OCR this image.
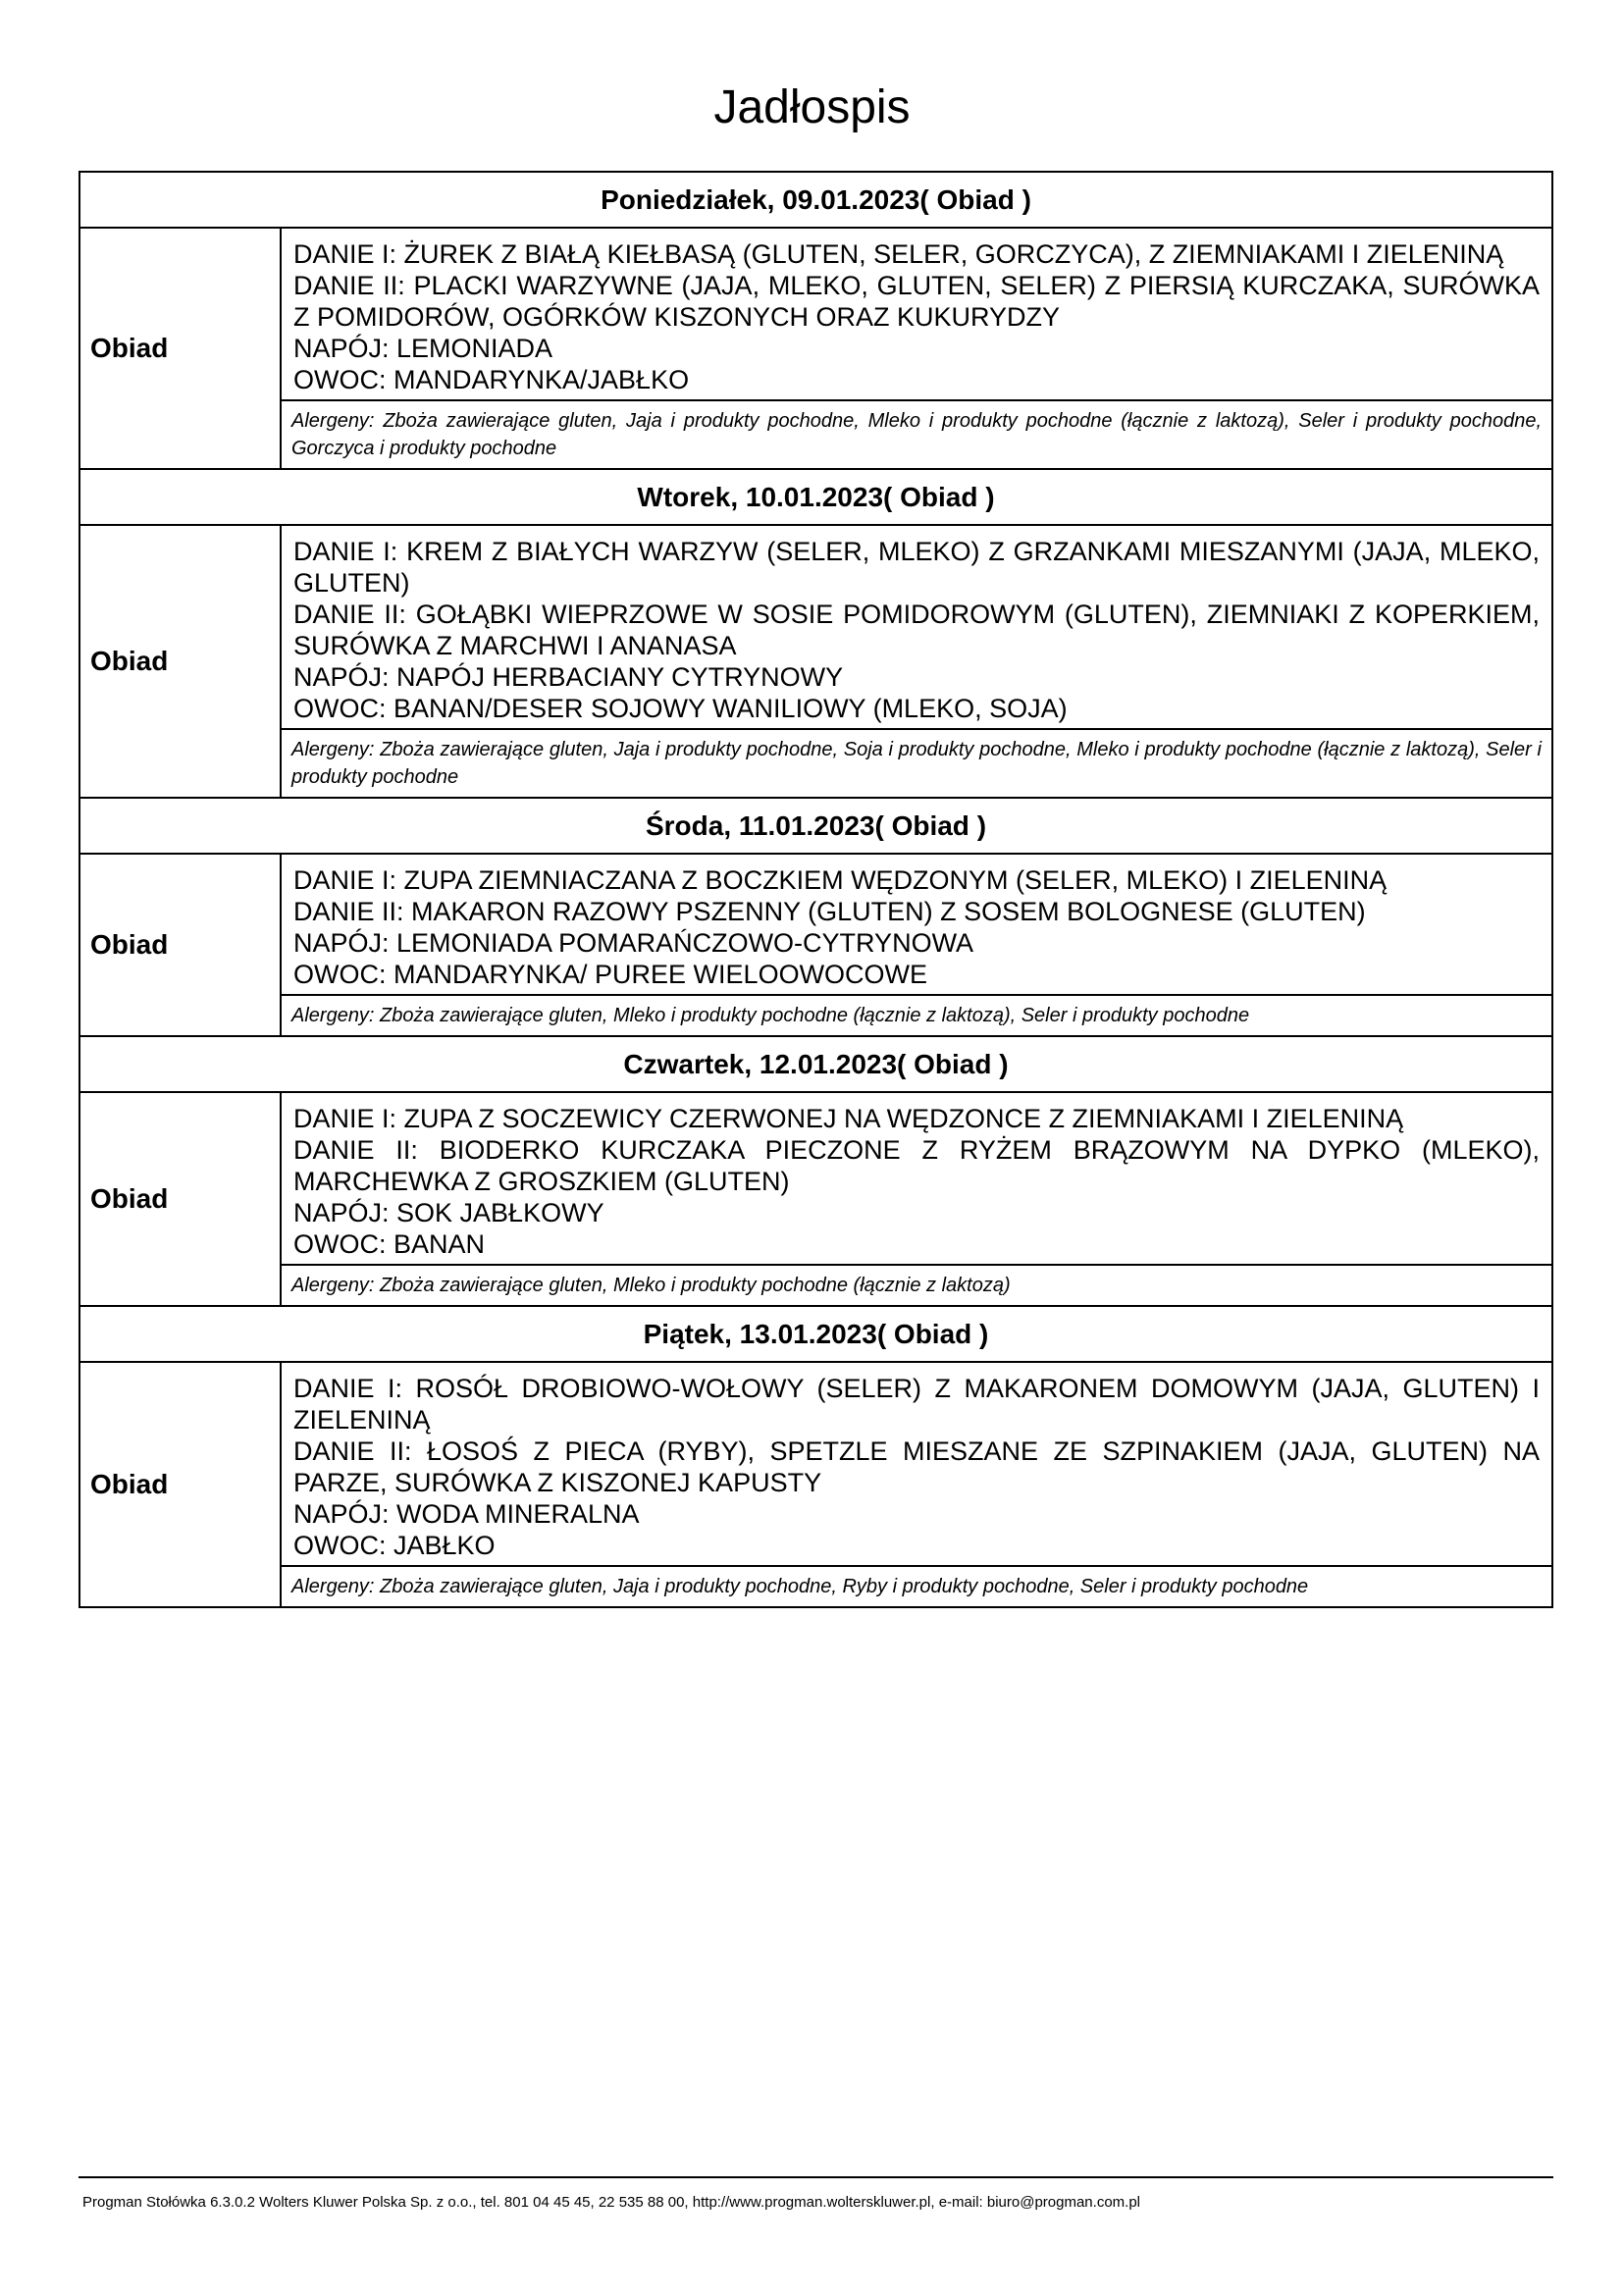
Jadłospis
Poniedziałek, 09.01.2023( Obiad )	
Obiad	DANIE I: ŻUREK Z BIAŁĄ KIEŁBASĄ (GLUTEN, SELER, GORCZYCA), Z ZIEMNIAKAMI I ZIELENINĄ
DANIE II: PLACKI WARZYWNE (JAJA, MLEKO, GLUTEN, SELER) Z PIERSIĄ KURCZAKA, SURÓWKA Z POMIDORÓW, OGÓRKÓW KISZONYCH ORAZ KUKURYDZY
NAPÓJ: LEMONIADA
OWOC: MANDARYNKA/JABŁKO

	Alergeny: Zboża zawierające gluten, Jaja i produkty pochodne, Mleko i produkty pochodne (łącznie z laktozą), Seler i produkty pochodne, Gorczyca i produkty pochodne
Wtorek, 10.01.2023( Obiad )	
Obiad	DANIE I: KREM Z BIAŁYCH WARZYW (SELER, MLEKO) Z GRZANKAMI MIESZANYMI (JAJA, MLEKO, GLUTEN)
DANIE II: GOŁĄBKI WIEPRZOWE W SOSIE POMIDOROWYM (GLUTEN), ZIEMNIAKI Z KOPERKIEM, SURÓWKA Z MARCHWI I ANANASA
NAPÓJ: NAPÓJ HERBACIANY CYTRYNOWY
OWOC: BANAN/DESER SOJOWY WANILIOWY (MLEKO, SOJA)

	Alergeny: Zboża zawierające gluten, Jaja i produkty pochodne, Soja i produkty pochodne, Mleko i produkty pochodne (łącznie z laktozą), Seler i produkty pochodne
Środa, 11.01.2023( Obiad )	
Obiad	DANIE I: ZUPA ZIEMNIACZANA Z BOCZKIEM WĘDZONYM (SELER, MLEKO) I ZIELENINĄ
DANIE II: MAKARON RAZOWY PSZENNY (GLUTEN) Z SOSEM BOLOGNESE (GLUTEN)
NAPÓJ: LEMONIADA POMARAŃCZOWO-CYTRYNOWA
OWOC: MANDARYNKA/ PUREE WIELOOWOCOWE

	Alergeny: Zboża zawierające gluten, Mleko i produkty pochodne (łącznie z laktozą), Seler i produkty pochodne
Czwartek, 12.01.2023( Obiad )	
Obiad	DANIE I: ZUPA Z SOCZEWICY CZERWONEJ NA WĘDZONCE Z ZIEMNIAKAMI I ZIELENINĄ
DANIE II: BIODERKO KURCZAKA PIECZONE Z RYŻEM BRĄZOWYM NA DYPKO (MLEKO), MARCHEWKA Z GROSZKIEM (GLUTEN)
NAPÓJ: SOK JABŁKOWY
OWOC: BANAN

	Alergeny: Zboża zawierające gluten, Mleko i produkty pochodne (łącznie z laktozą)
Piątek, 13.01.2023( Obiad )	
Obiad	DANIE I: ROSÓŁ DROBIOWO-WOŁOWY (SELER) Z MAKARONEM DOMOWYM (JAJA, GLUTEN) I ZIELENINĄ
DANIE II: ŁOSOŚ Z PIECA (RYBY), SPETZLE MIESZANE ZE SZPINAKIEM (JAJA, GLUTEN) NA PARZE, SURÓWKA Z KISZONEJ KAPUSTY
NAPÓJ: WODA MINERALNA
OWOC: JABŁKO

	Alergeny: Zboża zawierające gluten, Jaja i produkty pochodne, Ryby i produkty pochodne, Seler i produkty pochodne
Progman Stołówka 6.3.0.2 Wolters Kluwer Polska Sp. z o.o., tel. 801 04 45 45, 22 535 88 00, http://www.progman.wolterskluwer.pl, e-mail: biuro@progman.com.pl
